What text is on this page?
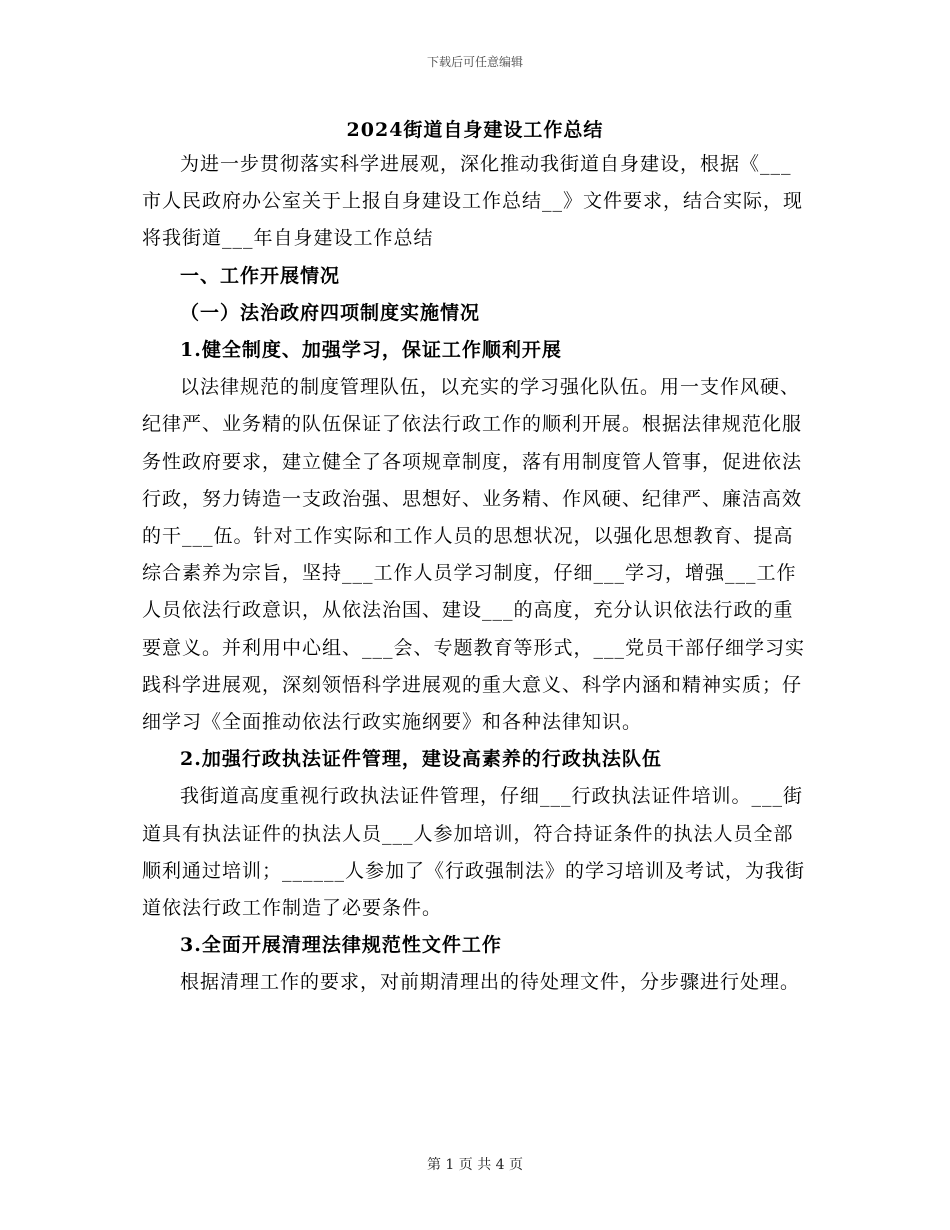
下载后可任意编辑
2024街道自身建设工作总结

为进一步贯彻落实科学进展观，深化推动我街道自身建设，根据《___市人民政府办公室关于上报自身建设工作总结__》文件要求，结合实际，现将我街道___年自身建设工作总结

一、工作开展情况

（一）法治政府四项制度实施情况

1.健全制度、加强学习，保证工作顺利开展

以法律规范的制度管理队伍，以充实的学习强化队伍。用一支作风硬、纪律严、业务精的队伍保证了依法行政工作的顺利开展。根据法律规范化服务性政府要求，建立健全了各项规章制度，落有用制度管人管事，促进依法行政，努力铸造一支政治强、思想好、业务精、作风硬、纪律严、廉洁高效的干___伍。针对工作实际和工作人员的思想状况，以强化思想教育、提高综合素养为宗旨，坚持___工作人员学习制度，仔细___学习，增强___工作人员依法行政意识，从依法治国、建设___的高度，充分认识依法行政的重要意义。并利用中心组、___会、专题教育等形式，___党员干部仔细学习实践科学进展观，深刻领悟科学进展观的重大意义、科学内涵和精神实质；仔细学习《全面推动依法行政实施纲要》和各种法律知识。

2.加强行政执法证件管理，建设高素养的行政执法队伍

我街道高度重视行政执法证件管理，仔细___行政执法证件培训。___街道具有执法证件的执法人员___人参加培训，符合持证条件的执法人员全部顺利通过培训；______人参加了《行政强制法》的学习培训及考试，为我街道依法行政工作制造了必要条件。

3.全面开展清理法律规范性文件工作

根据清理工作的要求，对前期清理出的待处理文件，分步骤进行处理。

第 1 页 共 4 页
